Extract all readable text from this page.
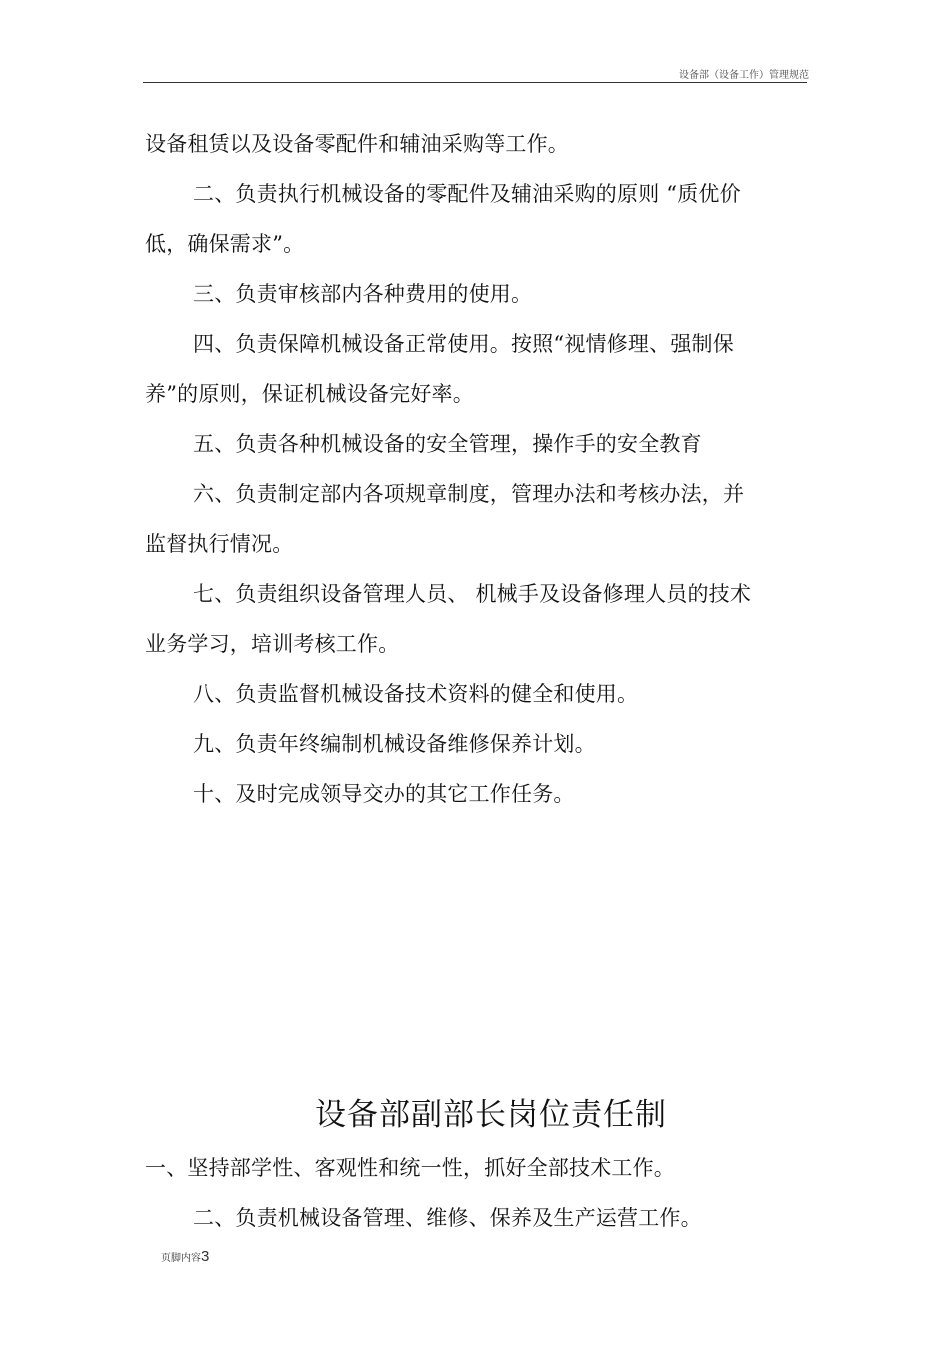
设备部（设备工作）管理规范
设备租赁以及设备零配件和辅油采购等工作。
二、负责执行机械设备的零配件及辅油采购的原则 “质优价
低，确保需求”。
三、负责审核部内各种费用的使用。
四、负责保障机械设备正常使用。按照“视情修理、强制保
养”的原则，保证机械设备完好率。
五、负责各种机械设备的安全管理，操作手的安全教育
六、负责制定部内各项规章制度，管理办法和考核办法，并
监督执行情况。
七、负责组织设备管理人员、 机械手及设备修理人员的技术
业务学习，培训考核工作。
八、负责监督机械设备技术资料的健全和使用。
九、负责年终编制机械设备维修保养计划。
十、及时完成领导交办的其它工作任务。
设备部副部长岗位责任制
一、坚持部学性、客观性和统一性，抓好全部技术工作。
二、负责机械设备管理、维修、保养及生产运营工作。
页脚内容3
